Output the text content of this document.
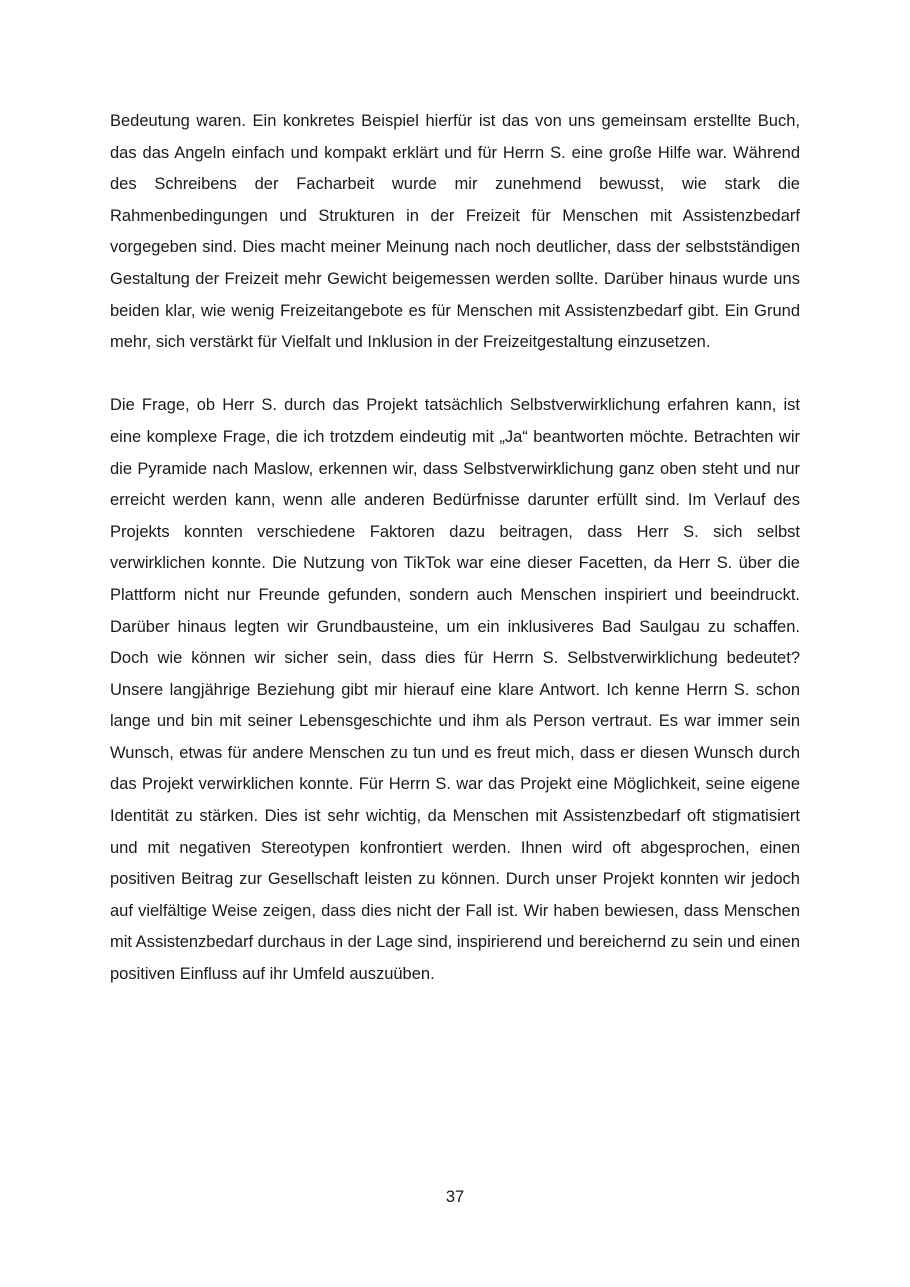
Bedeutung waren. Ein konkretes Beispiel hierfür ist das von uns gemeinsam erstellte Buch, das das Angeln einfach und kompakt erklärt und für Herrn S. eine große Hilfe war. Während des Schreibens der Facharbeit wurde mir zunehmend bewusst, wie stark die Rahmenbedingungen und Strukturen in der Freizeit für Menschen mit Assistenzbedarf vorgegeben sind. Dies macht meiner Meinung nach noch deutlicher, dass der selbstständigen Gestaltung der Freizeit mehr Gewicht beigemessen werden sollte. Darüber hinaus wurde uns beiden klar, wie wenig Freizeitangebote es für Menschen mit Assistenzbedarf gibt. Ein Grund mehr, sich verstärkt für Vielfalt und Inklusion in der Freizeitgestaltung einzusetzen.

Die Frage, ob Herr S. durch das Projekt tatsächlich Selbstverwirklichung erfahren kann, ist eine komplexe Frage, die ich trotzdem eindeutig mit „Ja“ beantworten möchte. Betrachten wir die Pyramide nach Maslow, erkennen wir, dass Selbstverwirklichung ganz oben steht und nur erreicht werden kann, wenn alle anderen Bedürfnisse darunter erfüllt sind. Im Verlauf des Projekts konnten verschiedene Faktoren dazu beitragen, dass Herr S. sich selbst verwirklichen konnte. Die Nutzung von TikTok war eine dieser Facetten, da Herr S. über die Plattform nicht nur Freunde gefunden, sondern auch Menschen inspiriert und beeindruckt. Darüber hinaus legten wir Grundbausteine, um ein inklusiveres Bad Saulgau zu schaffen. Doch wie können wir sicher sein, dass dies für Herrn S. Selbstverwirklichung bedeutet? Unsere langjährige Beziehung gibt mir hierauf eine klare Antwort. Ich kenne Herrn S. schon lange und bin mit seiner Lebensgeschichte und ihm als Person vertraut. Es war immer sein Wunsch, etwas für andere Menschen zu tun und es freut mich, dass er diesen Wunsch durch das Projekt verwirklichen konnte. Für Herrn S. war das Projekt eine Möglichkeit, seine eigene Identität zu stärken. Dies ist sehr wichtig, da Menschen mit Assistenzbedarf oft stigmatisiert und mit negativen Stereotypen konfrontiert werden. Ihnen wird oft abgesprochen, einen positiven Beitrag zur Gesellschaft leisten zu können. Durch unser Projekt konnten wir jedoch auf vielfältige Weise zeigen, dass dies nicht der Fall ist. Wir haben bewiesen, dass Menschen mit Assistenzbedarf durchaus in der Lage sind, inspirierend und bereichernd zu sein und einen positiven Einfluss auf ihr Umfeld auszuüben.

37
